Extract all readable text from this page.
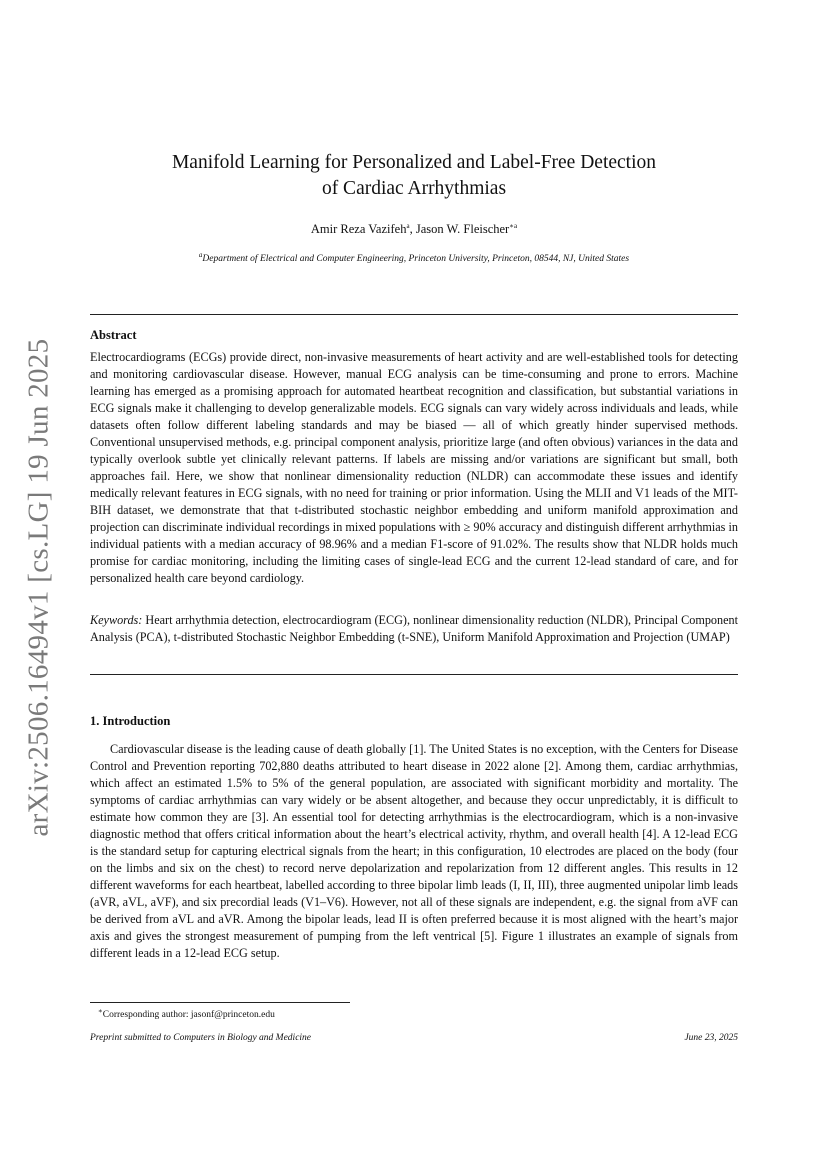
arXiv:2506.16494v1 [cs.LG] 19 Jun 2025
Manifold Learning for Personalized and Label-Free Detection
of Cardiac Arrhythmias
Amir Reza Vazifeh$^a$, Jason W. Fleischer$^{∗a}$
$^a$Department of Electrical and Computer Engineering, Princeton University, Princeton, 08544, NJ, United States
Abstract
Electrocardiograms (ECGs) provide direct, non-invasive measurements of heart activity and are well-established tools for detecting and monitoring cardiovascular disease. However, manual ECG analysis can be time-consuming and prone to errors. Machine learning has emerged as a promising approach for automated heartbeat recognition and classification, but substantial variations in ECG signals make it challenging to develop generalizable models. ECG signals can vary widely across individuals and leads, while datasets often follow different labeling standards and may be biased — all of which greatly hinder supervised methods. Conventional unsupervised methods, e.g. principal component analysis, prioritize large (and often obvious) variances in the data and typically overlook subtle yet clinically relevant patterns. If labels are missing and/or variations are significant but small, both approaches fail. Here, we show that nonlinear dimensionality reduction (NLDR) can accommodate these issues and identify medically relevant features in ECG signals, with no need for training or prior information. Using the MLII and V1 leads of the MIT-BIH dataset, we demonstrate that that t-distributed stochastic neighbor embedding and uniform manifold approximation and projection can discriminate individual recordings in mixed populations with ≥ 90% accuracy and distinguish different arrhythmias in individual patients with a median accuracy of 98.96% and a median F1-score of 91.02%. The results show that NLDR holds much promise for cardiac monitoring, including the limiting cases of single-lead ECG and the current 12-lead standard of care, and for personalized health care beyond cardiology.
Keywords: Heart arrhythmia detection, electrocardiogram (ECG), nonlinear dimensionality reduction (NLDR), Principal Component Analysis (PCA), t-distributed Stochastic Neighbor Embedding (t-SNE), Uniform Manifold Approximation and Projection (UMAP)
1. Introduction
Cardiovascular disease is the leading cause of death globally [1]. The United States is no exception, with the Centers for Disease Control and Prevention reporting 702,880 deaths attributed to heart disease in 2022 alone [2]. Among them, cardiac arrhythmias, which affect an estimated 1.5% to 5% of the general population, are associated with significant morbidity and mortality. The symptoms of cardiac arrhythmias can vary widely or be absent altogether, and because they occur unpredictably, it is difficult to estimate how common they are [3]. An essential tool for detecting arrhythmias is the electrocardiogram, which is a non-invasive diagnostic method that offers critical information about the heart’s electrical activity, rhythm, and overall health [4]. A 12-lead ECG is the standard setup for capturing electrical signals from the heart; in this configuration, 10 electrodes are placed on the body (four on the limbs and six on the chest) to record nerve depolarization and repolarization from 12 different angles. This results in 12 different waveforms for each heartbeat, labelled according to three bipolar limb leads (I, II, III), three augmented unipolar limb leads (aVR, aVL, aVF), and six precordial leads (V1–V6). However, not all of these signals are independent, e.g. the signal from aVF can be derived from aVL and aVR. Among the bipolar leads, lead II is often preferred because it is most aligned with the heart’s major axis and gives the strongest measurement of pumping from the left ventrical [5]. Figure 1 illustrates an example of signals from different leads in a 12-lead ECG setup.
∗Corresponding author: jasonf@princeton.edu
Preprint submitted to Computers in Biology and Medicine	June 23, 2025
